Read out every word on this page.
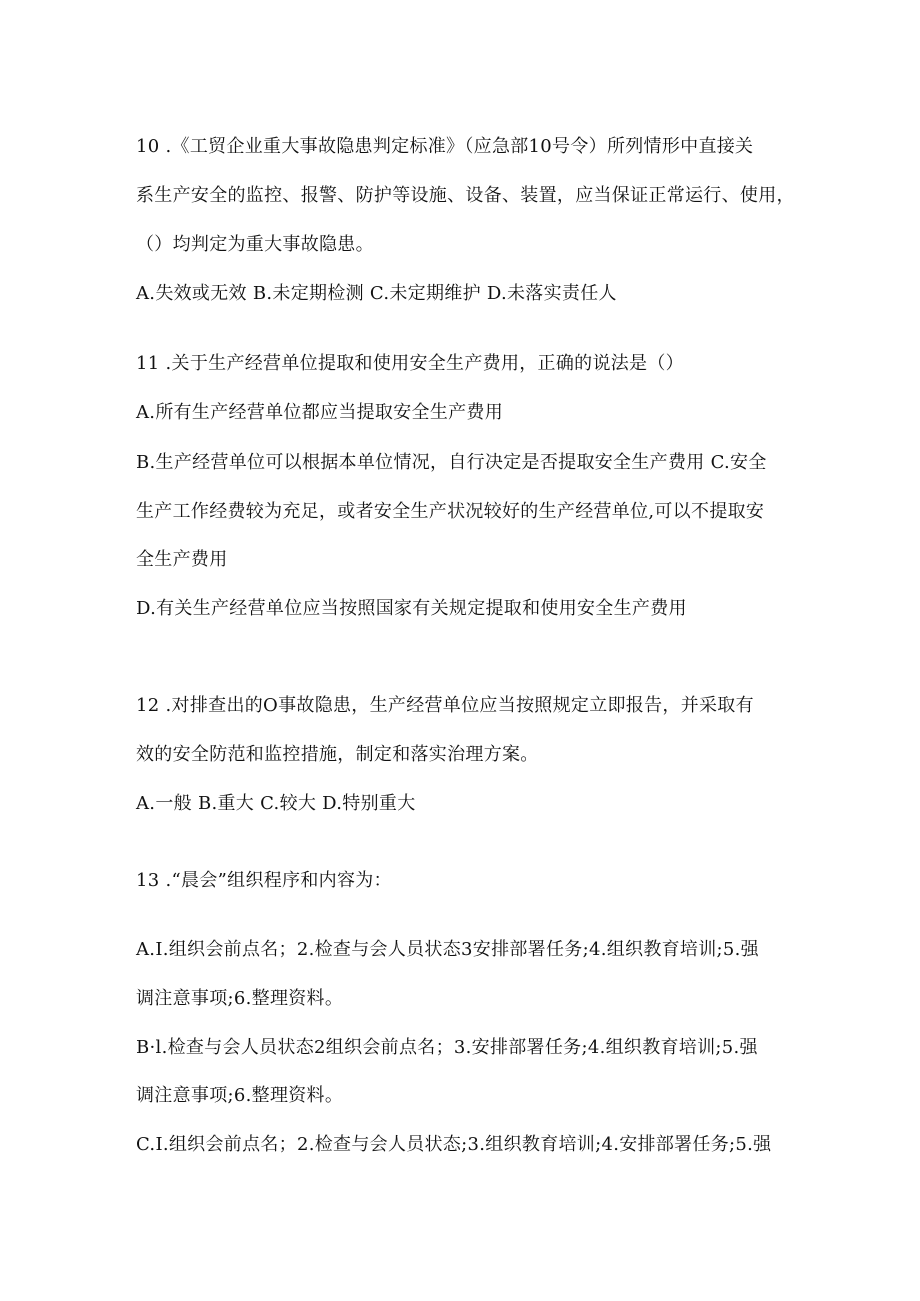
10 .《工贸企业重大事故隐患判定标准》（应急部10号令）所列情形中直接关
系生产安全的监控、报警、防护等设施、设备、装置，应当保证正常运行、使用，
（）均判定为重大事故隐患。
A.失效或无效 B.未定期检测 C.未定期维护 D.未落实责任人
11 .关于生产经营单位提取和使用安全生产费用，正确的说法是（）
A.所有生产经营单位都应当提取安全生产费用
B.生产经营单位可以根据本单位情况，自行决定是否提取安全生产费用 C.安全
生产工作经费较为充足，或者安全生产状况较好的生产经营单位,可以不提取安
全生产费用
D.有关生产经营单位应当按照国家有关规定提取和使用安全生产费用
12 .对排查出的O事故隐患，生产经营单位应当按照规定立即报告，并采取有
效的安全防范和监控措施，制定和落实治理方案。
A.一般 B.重大 C.较大 D.特别重大
13 .“晨会”组织程序和内容为：
A.I.组织会前点名；2.检查与会人员状态3安排部署任务;4.组织教育培训;5.强
调注意事项;6.整理资料。
B·l.检查与会人员状态2组织会前点名；3.安排部署任务;4.组织教育培训;5.强
调注意事项;6.整理资料。
C.I.组织会前点名；2.检查与会人员状态;3.组织教育培训;4.安排部署任务;5.强
